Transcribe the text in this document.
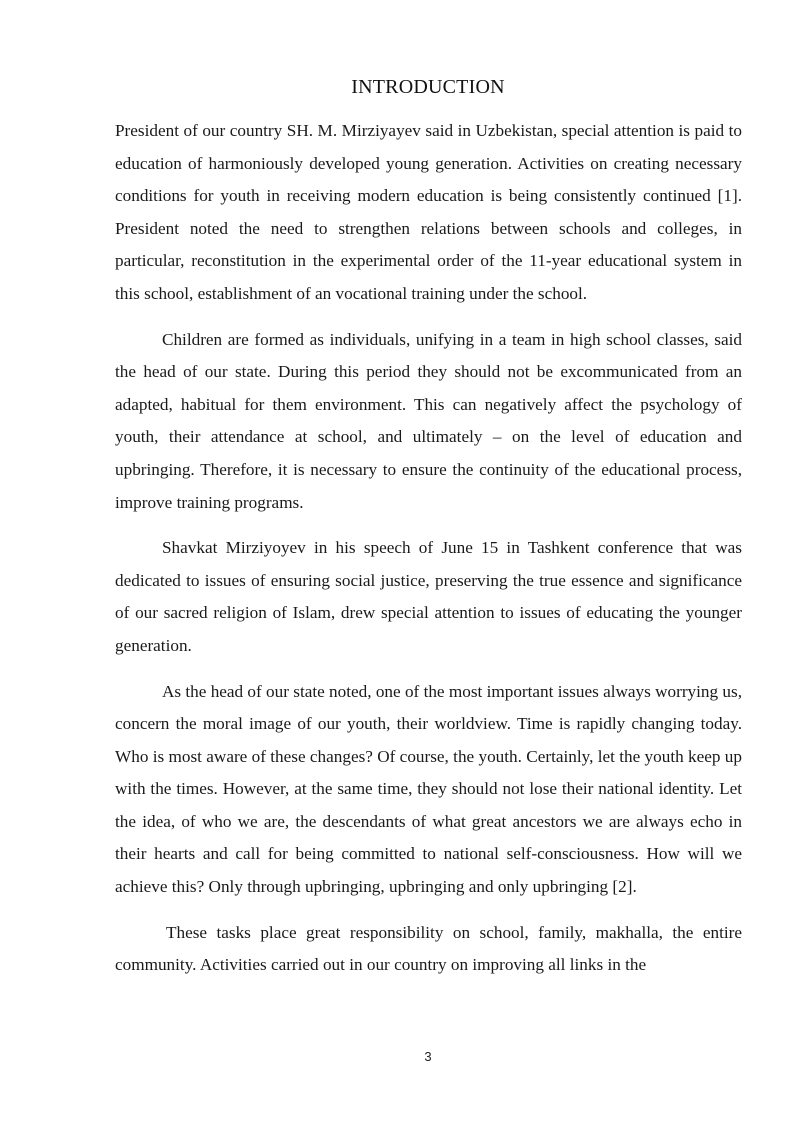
INTRODUCTION

President of our country SH. M. Mirziyayev said in Uzbekistan, special attention is paid to education of harmoniously developed young generation. Activities on creating necessary conditions for youth in receiving modern education is being consistently continued [1]. President noted the need to strengthen relations between schools and colleges, in particular, reconstitution in the experimental order of the 11-year educational system in this school, establishment of an vocational training under the school.

Children are formed as individuals, unifying in a team in high school classes, said the head of our state. During this period they should not be excommunicated from an adapted, habitual for them environment. This can negatively affect the psychology of youth, their attendance at school, and ultimately – on the level of education and upbringing. Therefore, it is necessary to ensure the continuity of the educational process, improve training programs.

Shavkat Mirziyoyev in his speech of June 15 in Tashkent conference that was dedicated to issues of ensuring social justice, preserving the true essence and significance of our sacred religion of Islam, drew special attention to issues of educating the younger generation.

As the head of our state noted, one of the most important issues always worrying us, concern the moral image of our youth, their worldview. Time is rapidly changing today. Who is most aware of these changes? Of course, the youth. Certainly, let the youth keep up with the times. However, at the same time, they should not lose their national identity. Let the idea, of who we are, the descendants of what great ancestors we are always echo in their hearts and call for being committed to national self-consciousness. How will we achieve this? Only through upbringing, upbringing and only upbringing [2].

These tasks place great responsibility on school, family, makhalla, the entire community. Activities carried out in our country on improving all links in the

3
